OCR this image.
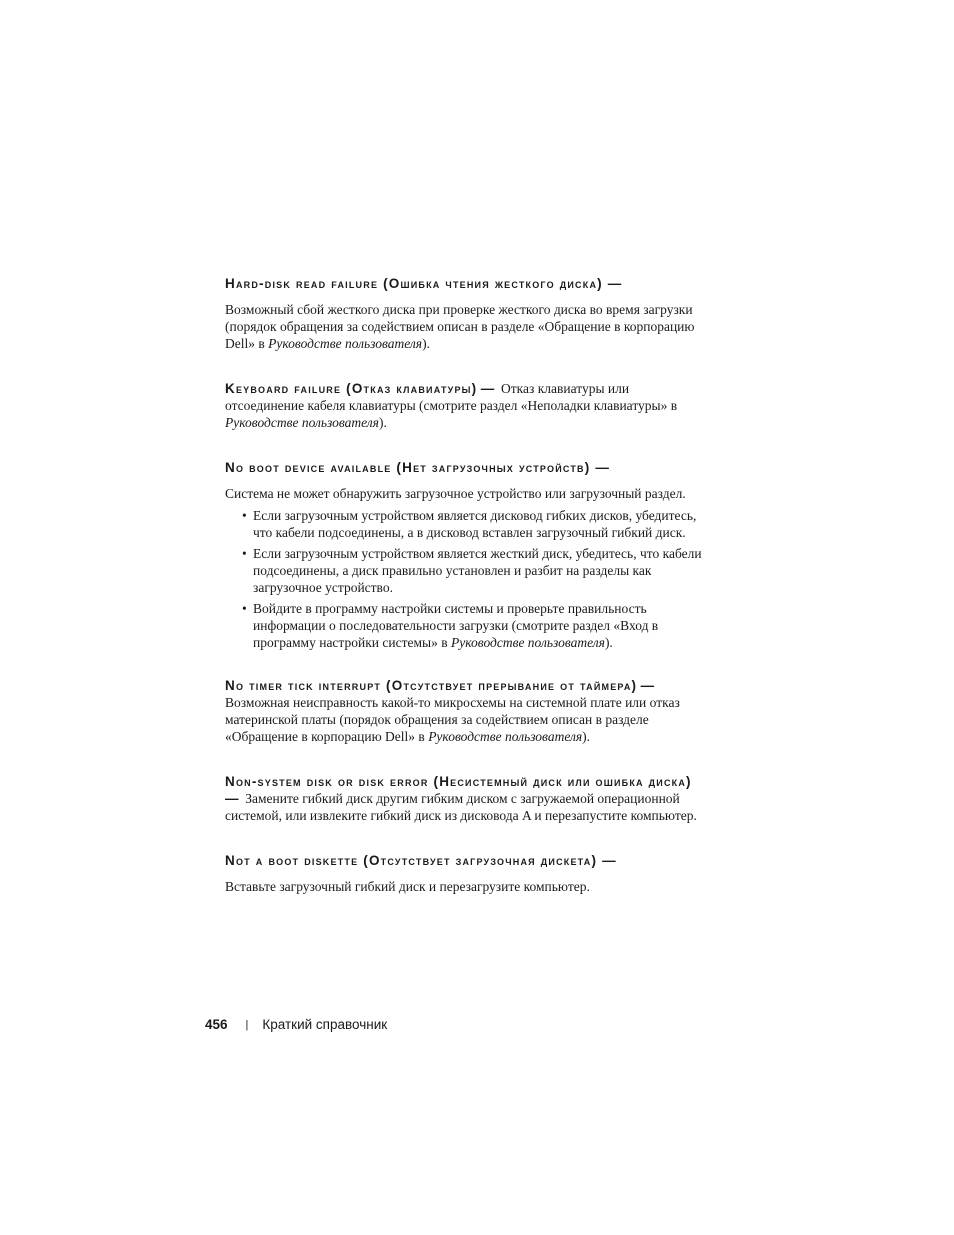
Hard-disk read failure (Ошибка чтения жесткого диска) —
Возможный сбой жесткого диска при проверке жесткого диска во время загрузки (порядок обращения за содействием описан в разделе «Обращение в корпорацию Dell» в Руководстве пользователя).
Keyboard failure (Отказ клавиатуры) — Отказ клавиатуры или отсоединение кабеля клавиатуры (смотрите раздел «Неполадки клавиатуры» в Руководстве пользователя).
No boot device available (Нет загрузочных устройств) —
Система не может обнаружить загрузочное устройство или загрузочный раздел.
• Если загрузочным устройством является дисковод гибких дисков, убедитесь, что кабели подсоединены, а в дисковод вставлен загрузочный гибкий диск.
• Если загрузочным устройством является жесткий диск, убедитесь, что кабели подсоединены, а диск правильно установлен и разбит на разделы как загрузочное устройство.
• Войдите в программу настройки системы и проверьте правильность информации о последовательности загрузки (смотрите раздел «Вход в программу настройки системы» в Руководстве пользователя).
No timer tick interrupt (Отсутствует прерывание от таймера) —  Возможная неисправность какой-то микросхемы на системной плате или отказ материнской платы (порядок обращения за содействием описан в разделе «Обращение в корпорацию Dell» в Руководстве пользователя).
Non-system disk or disk error (Несистемный диск или ошибка диска) — Замените гибкий диск другим гибким диском с загружаемой операционной системой, или извлеките гибкий диск из дисковода A и перезапустите компьютер.
Not a boot diskette (Отсутствует загрузочная дискета) —
Вставьте загрузочный гибкий диск и перезагрузите компьютер.
456 | Краткий справочник
